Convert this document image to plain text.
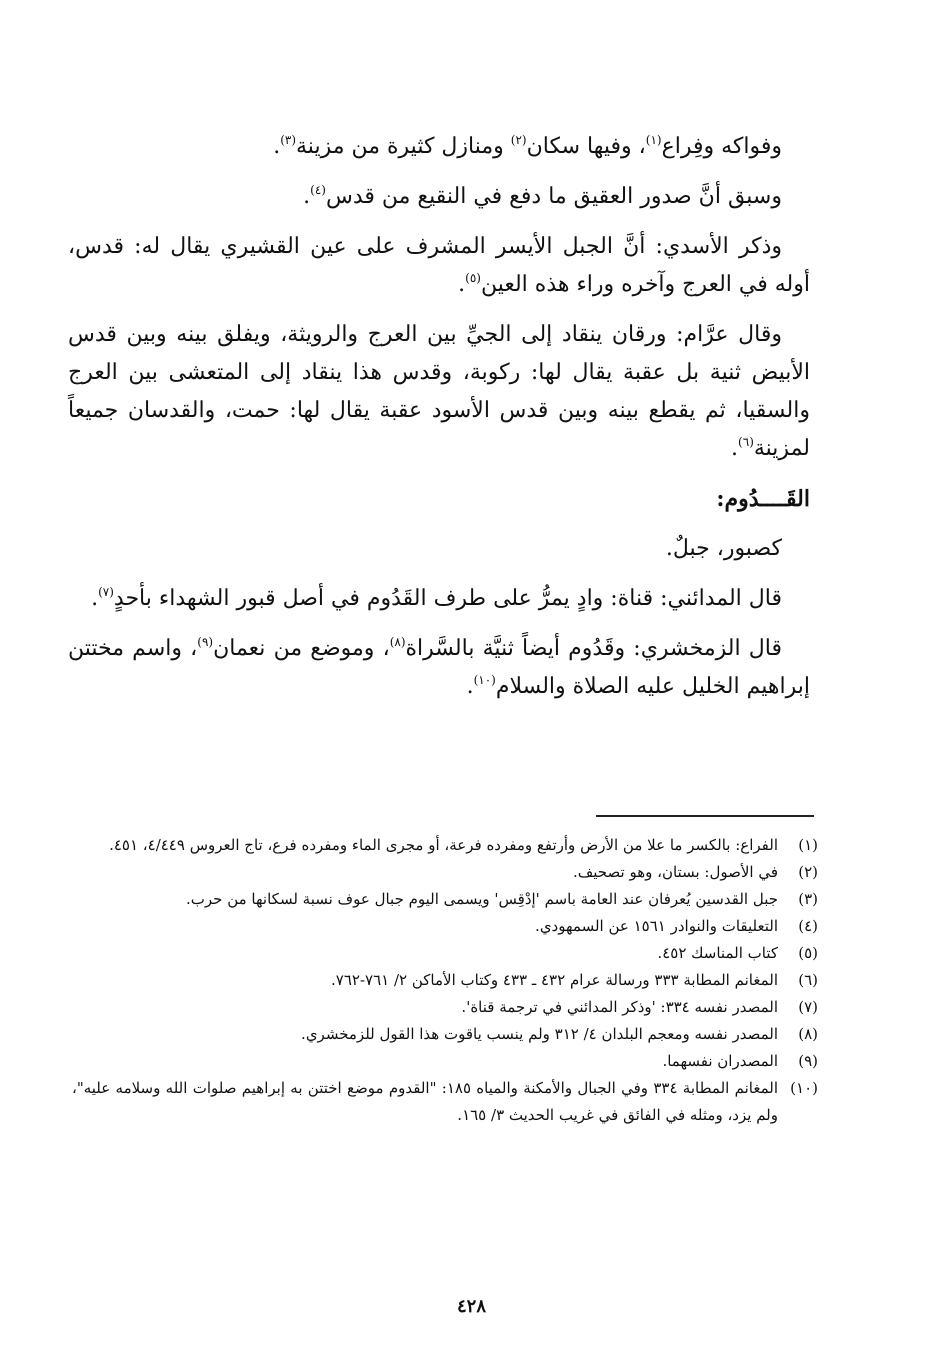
وفواكه وفِراع$^{(١)}$، وفيها سكان$^{(٢)}$ ومنازل كثيرة من مزينة$^{(٣)}$.

وسبق أنَّ صدور العقيق ما دفع في النقيع من قدس$^{(٤)}$.

وذكر الأسدي: أنَّ الجبل الأيسر المشرف على عين القشيري يقال له: قدس، أوله في العرج وآخره وراء هذه العين$^{(٥)}$.

وقال عرَّام: ورقان ينقاد إلى الجيِّ بين العرج والرويثة، ويفلق بينه وبين قدس الأبيض ثنية بل عقبة يقال لها: ركوبة، وقدس هذا ينقاد إلى المتعشى بين العرج والسقيا، ثم يقطع بينه وبين قدس الأسود عقبة يقال لها: حمت، والقدسان جميعاً لمزينة$^{(٦)}$.

القَــــدُوم:

كصبور، جبلٌ.

قال المدائني: قناة: وادٍ يمرُّ على طرف القَدُوم في أصل قبور الشهداء بأحدٍ$^{(٧)}$.

قال الزمخشري: وقَدُوم أيضاً ثنيَّة بالسَّراة$^{(٨)}$، وموضع من نعمان$^{(٩)}$، واسم مختتن إبراهيم الخليل عليه الصلاة والسلام$^{(١٠)}$.

(١)
الفراع: بالكسر ما علا من الأرض وأرتفع ومفرده فرعة، أو مجرى الماء ومفرده فرع، تاج العروس ٤/٤٤٩، ٤٥١.
(٢)
في الأصول: بستان، وهو تصحيف.
(٣)
جبل القدسين يُعرفان عند العامة باسم 'إدْقِس' ويسمى اليوم جبال عوف نسبة لسكانها من حرب.
(٤)
التعليقات والنوادر ١٥٦١ عن السمهودي.
(٥)
كتاب المناسك ٤٥٢.
(٦)
المغانم المطابة ٣٣٣ ورسالة عرام ٤٣٢ ـ ٤٣٣ وكتاب الأماكن ٢/ ٧٦١-٧٦٢.
(٧)
المصدر نفسه ٣٣٤: 'وذكر المدائني في ترجمة قناة'.
(٨)
المصدر نفسه ومعجم البلدان ٤/ ٣١٢ ولم ينسب ياقوت هذا القول للزمخشري.
(٩)
المصدران نفسهما.
(١٠)
المغانم المطابة ٣٣٤ وفي الجبال والأمكنة والمياه ١٨٥: "القدوم موضع اختتن به إبراهيم صلوات الله وسلامه عليه"، ولم يزد، ومثله في الفائق في غريب الحديث ٣/ ١٦٥.
٤٢٨
